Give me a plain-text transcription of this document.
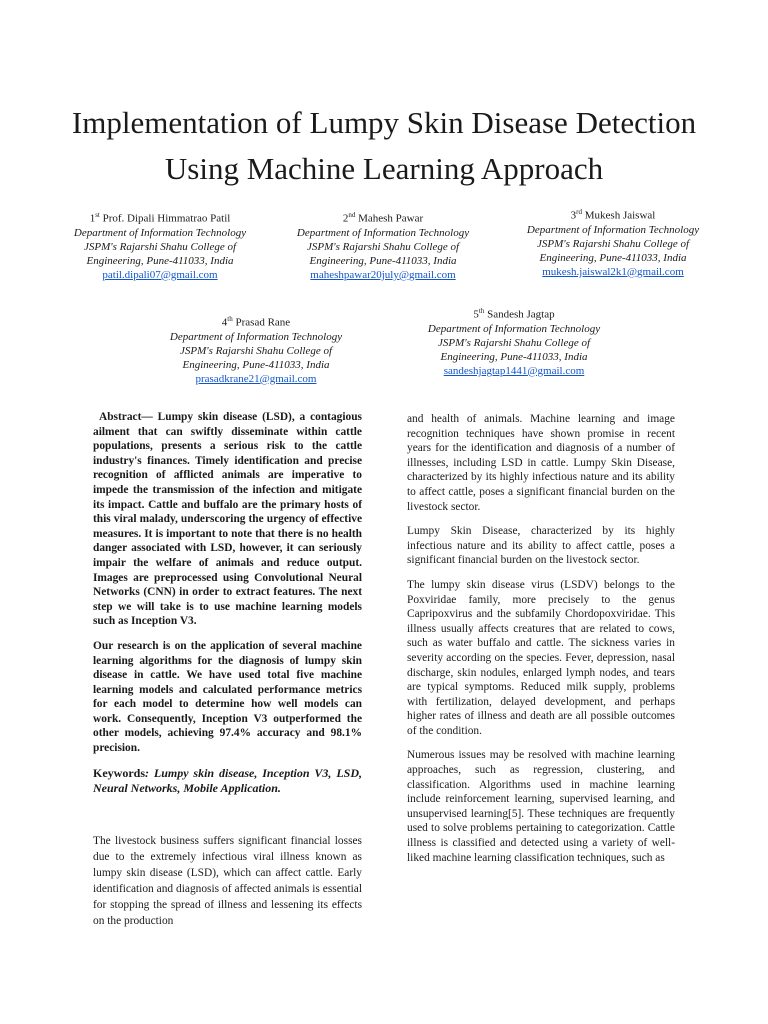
Implementation of Lumpy Skin Disease Detection Using Machine Learning Approach
1st Prof. Dipali Himmatrao Patil
Department of Information Technology
JSPM's Rajarshi Shahu College of
Engineering, Pune-411033, India
patil.dipali07@gmail.com
2nd Mahesh Pawar
Department of Information Technology
JSPM's Rajarshi Shahu College of
Engineering, Pune-411033, India
maheshpawar20july@gmail.com
3rd Mukesh Jaiswal
Department of Information Technology
JSPM's Rajarshi Shahu College of
Engineering, Pune-411033, India
mukesh.jaiswal2k1@gmail.com
4th Prasad Rane
Department of Information Technology
JSPM's Rajarshi Shahu College of
Engineering, Pune-411033, India
prasadkrane21@gmail.com
5th Sandesh Jagtap
Department of Information Technology
JSPM's Rajarshi Shahu College of
Engineering, Pune-411033, India
sandeshjagtap1441@gmail.com

Abstract— Lumpy skin disease (LSD), a contagious ailment that can swiftly disseminate within cattle populations, presents a serious risk to the cattle industry's finances. Timely identification and precise recognition of afflicted animals are imperative to impede the transmission of the infection and mitigate its impact. Cattle and buffalo are the primary hosts of this viral malady, underscoring the urgency of effective measures. It is important to note that there is no health danger associated with LSD, however, it can seriously impair the welfare of animals and reduce output. Images are preprocessed using Convolutional Neural Networks (CNN) in order to extract features. The next step we will take is to use machine learning models such as Inception V3.

Our research is on the application of several machine learning algorithms for the diagnosis of lumpy skin disease in cattle. We have used total five machine learning models and calculated performance metrics for each model to determine how well models can work. Consequently, Inception V3 outperformed the other models, achieving 97.4% accuracy and 98.1% precision.

Keywords: Lumpy skin disease, Inception V3, LSD, Neural Networks, Mobile Application.

The livestock business suffers significant financial losses due to the extremely infectious viral illness known as lumpy skin disease (LSD), which can affect cattle. Early identification and diagnosis of affected animals is essential for stopping the spread of illness and lessening its effects on the production

and health of animals. Machine learning and image recognition techniques have shown promise in recent years for the identification and diagnosis of a number of illnesses, including LSD in cattle. Lumpy Skin Disease, characterized by its highly infectious nature and its ability to affect cattle, poses a significant financial burden on the livestock sector.

Lumpy Skin Disease, characterized by its highly infectious nature and its ability to affect cattle, poses a significant financial burden on the livestock sector.

The lumpy skin disease virus (LSDV) belongs to the Poxviridae family, more precisely to the genus Capripoxvirus and the subfamily Chordopoxviridae. This illness usually affects creatures that are related to cows, such as water buffalo and cattle. The sickness varies in severity according on the species. Fever, depression, nasal discharge, skin nodules, enlarged lymph nodes, and tears are typical symptoms. Reduced milk supply, problems with fertilization, delayed development, and perhaps higher rates of illness and death are all possible outcomes of the condition.

Numerous issues may be resolved with machine learning approaches, such as regression, clustering, and classification. Algorithms used in machine learning include reinforcement learning, supervised learning, and unsupervised learning[5]. These techniques are frequently used to solve problems pertaining to categorization. Cattle illness is classified and detected using a variety of well-liked machine learning classification techniques, such as
